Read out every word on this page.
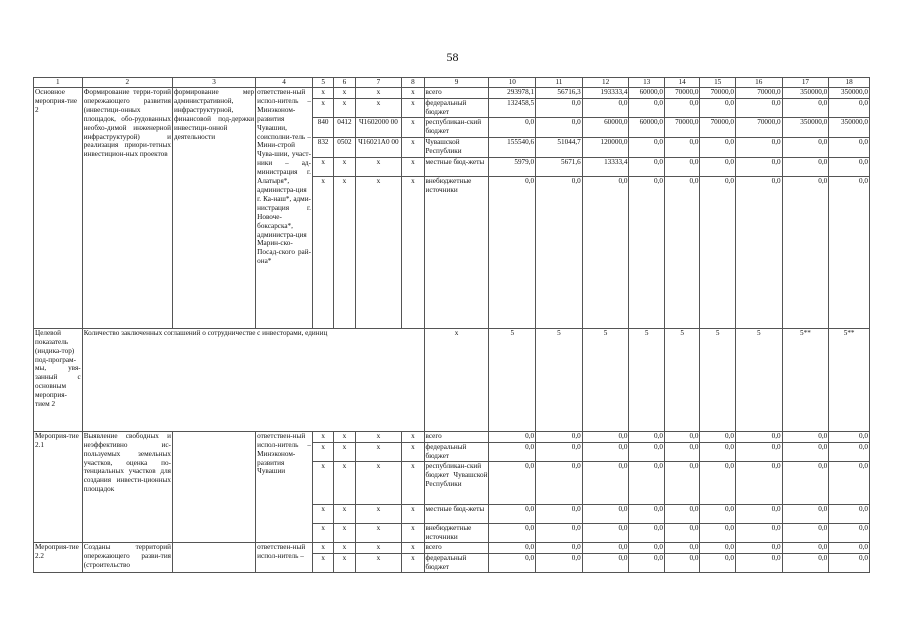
58
1	2	3	4	5	6	7	8	9	10	11	12	13	14	15	16	17	18
Основное мероприя-тие 2	Формирование терри-торий опережающего развития (инвестици-онных площадок, обо-рудованных необхо-димой инженерной инфраструктурой) и реализация приори-тетных инвестицион-ных проектов	формирование мер административной, инфраструктурной, финансовой под-держки инвестици-онной деятельности	ответствен-ный испол-нитель – Минэконом-развития Чувашии, соисполни-тель – Мини-строй Чува-шии, участ-ники – ад-министрация г. Алатыря*, администра-ция г. Ка-наш*, адми-нистрация г. Новоче-боксарска*, администра-ция Марин-ско-Посад-ского рай-она*	x	x	x	x	всего	293978,1	56716,3	193333,4	60000,0	70000,0	70000,0	70000,0	350000,0	350000,0
				x	x	x	x	федеральный бюджет	132458,5	0,0	0,0	0,0	0,0	0,0	0,0	0,0	0,0
				840	0412	Ч1602000 00	x	республикан-ский бюджет	0,0	0,0	60000,0	60000,0	70000,0	70000,0	70000,0	350000,0	350000,0
				832	0502	Ч16021А0 00	x	Чувашской Республики	155540,6	51044,7	120000,0	0,0	0,0	0,0	0,0	0,0	0,0
				x	x	x	x	местные бюд-жеты	5979,0	5671,6	13333,4	0,0	0,0	0,0	0,0	0,0	0,0
				x	x	x	x	внебюджетные источники	0,0	0,0	0,0	0,0	0,0	0,0	0,0	0,0	0,0
Целевой показатель (индика-тор) под-програм-мы, увя-занный с основным мероприя-тием 2	Количество заключенных соглашений о сотрудничестве с инвесторами, единиц							x	5	5	5	5	5	5	5	5**	5**
Мероприя-тие 2.1	Выявление свободных и неэффективно ис-пользуемых земельных участков, оценка по-тенциальных участков для создания инвести-ционных площадок		ответствен-ный испол-нитель – Минэконом-развития Чувашии	x	x	x	x	всего	0,0	0,0	0,0	0,0	0,0	0,0	0,0	0,0	0,0
				x	x	x	x	федеральный бюджет	0,0	0,0	0,0	0,0	0,0	0,0	0,0	0,0	0,0
				x	x	x	x	республикан-ский бюджет Чувашской Республики	0,0	0,0	0,0	0,0	0,0	0,0	0,0	0,0	0,0
				x	x	x	x	местные бюд-жеты	0,0	0,0	0,0	0,0	0,0	0,0	0,0	0,0	0,0
				x	x	x	x	внебюджетные источники	0,0	0,0	0,0	0,0	0,0	0,0	0,0	0,0	0,0
Мероприя-тие 2.2	Созданы территорий опережающего разви-тия (строительство		ответствен-ный испол-нитель –	x	x	x	x	всего	0,0	0,0	0,0	0,0	0,0	0,0	0,0	0,0	0,0
				x	x	x	x	федеральный бюджет	0,0	0,0	0,0	0,0	0,0	0,0	0,0	0,0	0,0
